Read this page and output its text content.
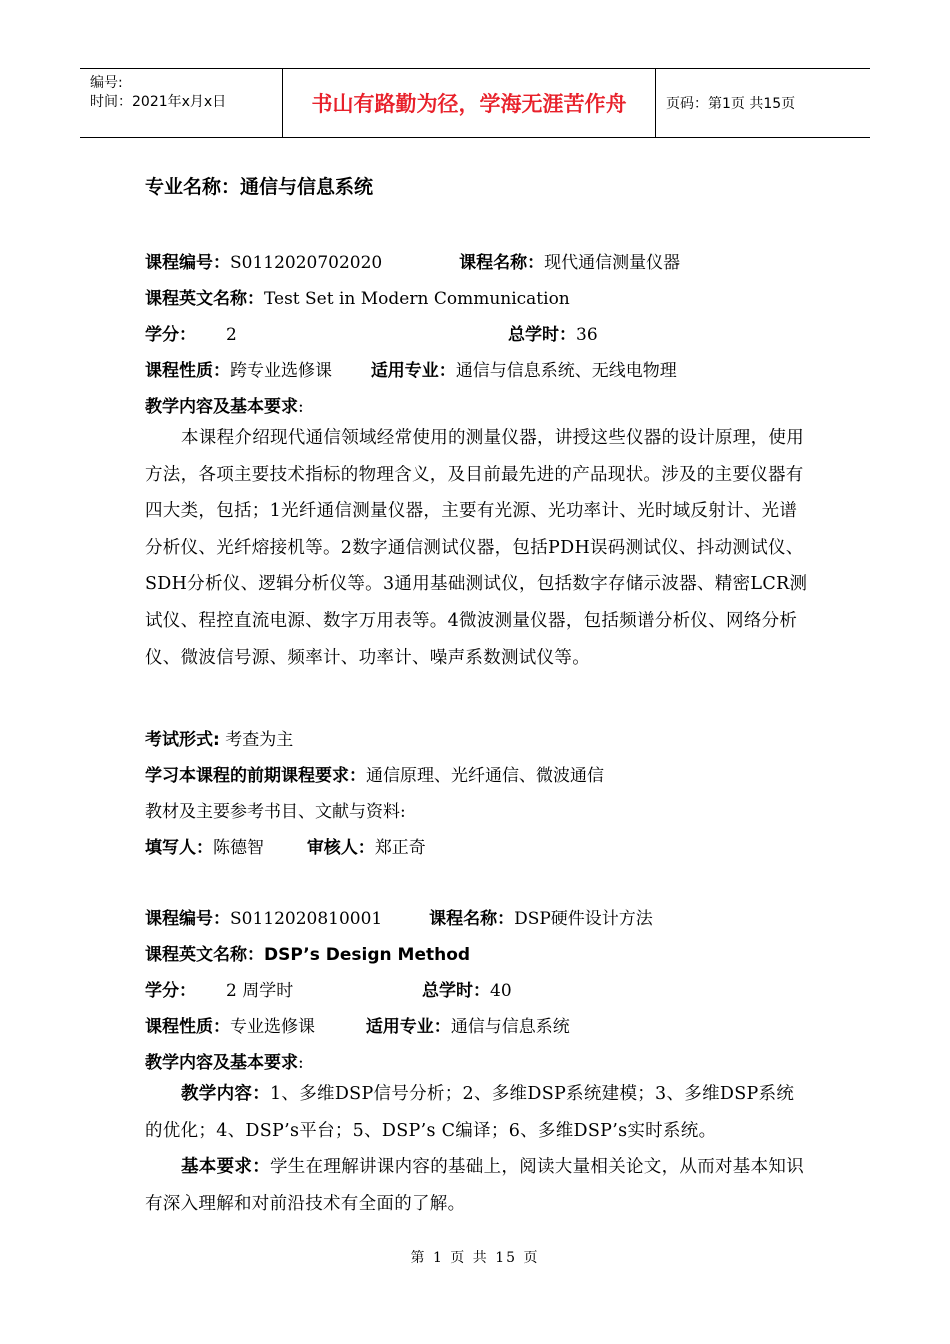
编号:
时间：2021年x月x日	书山有路勤为径，学海无涯苦作舟	页码：第1页 共15页
专业名称：通信与信息系统
课程编号：S0112020702020	课程名称：现代通信测量仪器
课程英文名称：Test Set in Modern Communication
学分： 2	总学时：36
课程性质：跨专业选修课 适用专业：通信与信息系统、无线电物理
教学内容及基本要求:
本课程介绍现代通信领域经常使用的测量仪器，讲授这些仪器的设计原理，使用方法，各项主要技术指标的物理含义，及目前最先进的产品现状。涉及的主要仪器有四大类，包括；1光纤通信测量仪器，主要有光源、光功率计、光时域反射计、光谱分析仪、光纤熔接机等。2数字通信测试仪器，包括PDH误码测试仪、抖动测试仪、SDH分析仪、逻辑分析仪等。3通用基础测试仪，包括数字存储示波器、精密LCR测试仪、程控直流电源、数字万用表等。4微波测量仪器，包括频谱分析仪、网络分析仪、微波信号源、频率计、功率计、噪声系数测试仪等。
考试形式: 考查为主
学习本课程的前期课程要求：通信原理、光纤通信、微波通信
教材及主要参考书目、文献与资料:
填写人：陈德智	审核人：郑正奇
课程编号：S0112020810001	课程名称：DSP硬件设计方法
课程英文名称：DSP’s Design Method
学分： 2 周学时	总学时：40
课程性质：专业选修课	适用专业：通信与信息系统
教学内容及基本要求:
教学内容：1、多维DSP信号分析；2、多维DSP系统建模；3、多维DSP系统的优化；4、DSP’s平台；5、DSP’s C编译；6、多维DSP’s实时系统。
基本要求：学生在理解讲课内容的基础上，阅读大量相关论文，从而对基本知识有深入理解和对前沿技术有全面的了解。
第 1 页 共 15 页
